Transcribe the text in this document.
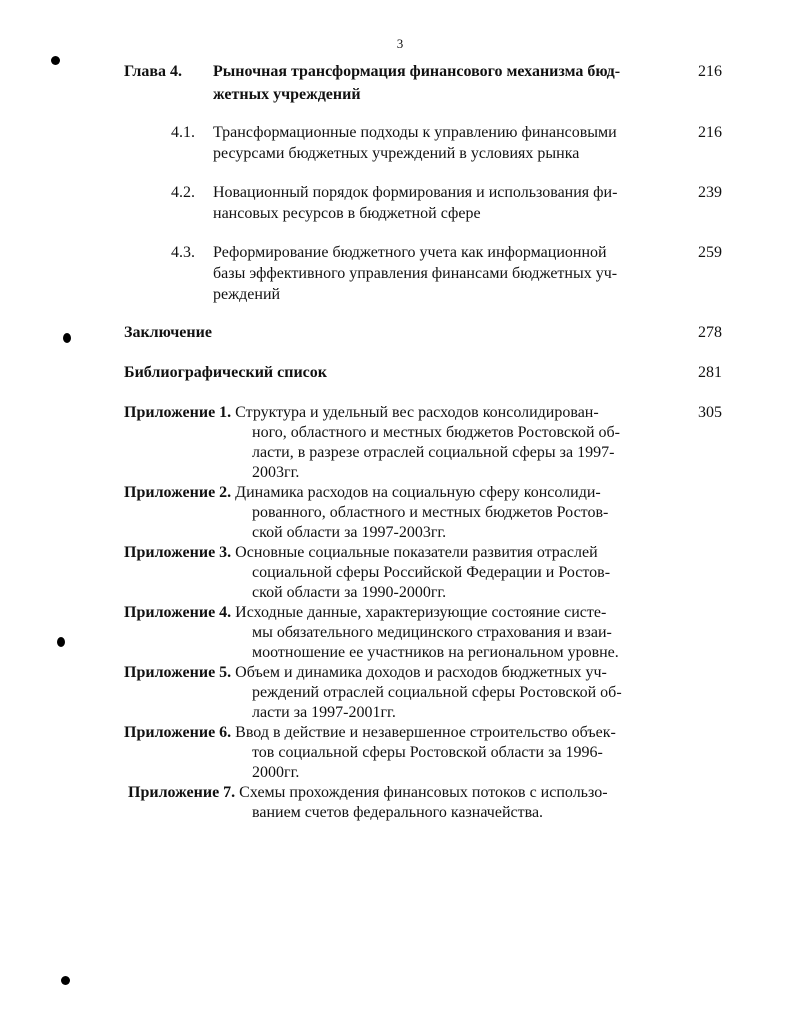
3
Глава 4. Рыночная трансформация финансового механизма бюд-
жетных учреждений
216
4.1. Трансформационные подходы к управлению финансовыми
ресурсами бюджетных учреждений в условиях рынка
216
4.2. Новационный порядок формирования и использования фи-
нансовых ресурсов в бюджетной сфере
239
4.3. Реформирование бюджетного учета как информационной
базы эффективного управления финансами бюджетных уч-
реждений
259
Заключение	278
Библиографический список	281
Приложение 1. Структура и удельный вес расходов консолидирован-
ного, областного и местных бюджетов Ростовской об-
ласти, в разрезе отраслей социальной сферы за 1997-
2003гг.
305
Приложение 2. Динамика расходов на социальную сферу консолиди-
рованного, областного и местных бюджетов Ростов-
ской области за 1997-2003гг.
Приложение 3. Основные социальные показатели развития отраслей
социальной сферы Российской Федерации и Ростов-
ской области за 1990-2000гг.
Приложение 4. Исходные данные, характеризующие состояние систе-
мы обязательного медицинского страхования и взаи-
моотношение ее участников на региональном уровне.
Приложение 5. Объем и динамика доходов и расходов бюджетных уч-
реждений отраслей социальной сферы Ростовской об-
ласти за 1997-2001гг.
Приложение 6. Ввод в действие и незавершенное строительство объек-
тов социальной сферы Ростовской области за 1996-
2000гг.
Приложение 7. Схемы прохождения финансовых потоков с использо-
ванием счетов федерального казначейства.
